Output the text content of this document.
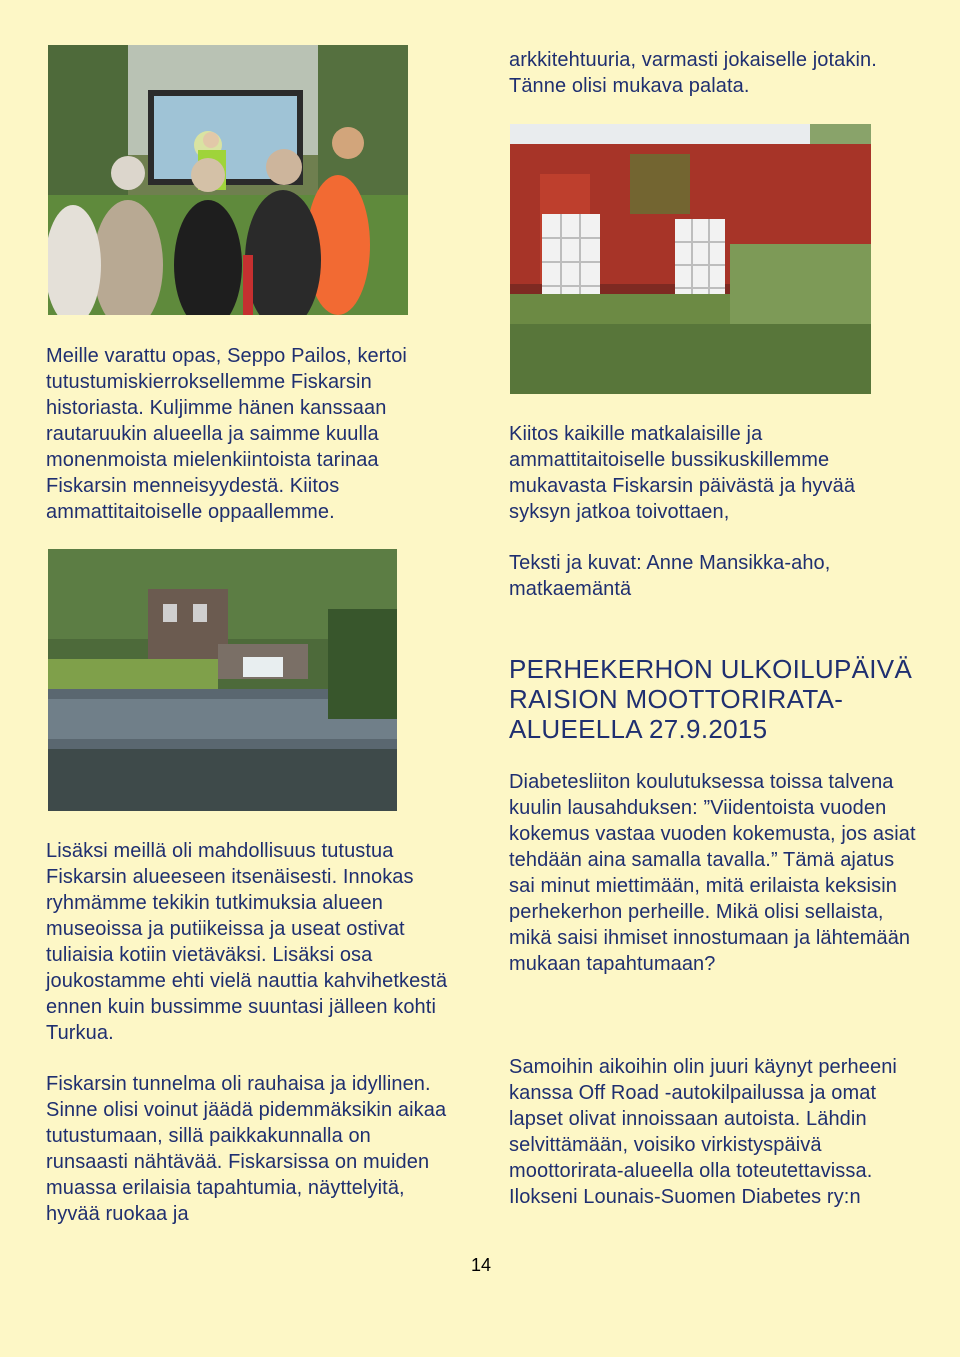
Meille varattu opas, Seppo Pailos, kertoi tutustumiskierroksellemme Fiskarsin historiasta. Kuljimme hänen kanssaan rautaruukin alueella ja saimme kuulla monenmoista mielenkiintoista tarinaa Fiskarsin menneisyydestä. Kiitos ammattitaitoiselle oppaallemme.

Lisäksi meillä oli mahdollisuus tutustua Fiskarsin alueeseen itsenäisesti. Innokas ryhmämme tekikin tutkimuksia alueen museoissa ja putiikeissa ja useat ostivat tuliaisia kotiin vietäväksi. Lisäksi osa joukostamme ehti vielä nauttia kahvihetkestä ennen kuin bussimme suuntasi jälleen kohti Turkua.

Fiskarsin tunnelma oli rauhaisa ja idyllinen. Sinne olisi voinut jäädä pidemmäksikin aikaa tutustumaan, sillä paikkakunnalla on runsaasti nähtävää. Fiskarsissa on muiden muassa erilaisia tapahtumia, näyttelyitä, hyvää ruokaa ja

arkkitehtuuria, varmasti jokaiselle jotakin. Tänne olisi mukava palata.

Kiitos kaikille matkalaisille ja ammattitaitoiselle bussikuskillemme mukavasta Fiskarsin päivästä ja hyvää syksyn jatkoa toivottaen,

Teksti ja kuvat: Anne Mansikka-aho, matkaemäntä

PERHEKERHON ULKOILUPÄIVÄ RAISION MOOTTORIRATA-ALUEELLA 27.9.2015

Diabetesliiton koulutuksessa toissa talvena kuulin lausahduksen: ”Viidentoista vuoden kokemus vastaa vuoden kokemusta, jos asiat tehdään aina samalla tavalla.” Tämä ajatus sai minut miettimään, mitä erilaista keksisin perhekerhon perheille. Mikä olisi sellaista, mikä saisi ihmiset innostumaan ja lähtemään mukaan tapahtumaan?

Samoihin aikoihin olin juuri käynyt perheeni kanssa Off Road -autokilpailussa ja omat lapset olivat innoissaan autoista. Lähdin selvittämään, voisiko virkistyspäivä moottorirata-alueella olla toteutettavissa. Ilokseni Lounais-Suomen Diabetes ry:n

14
